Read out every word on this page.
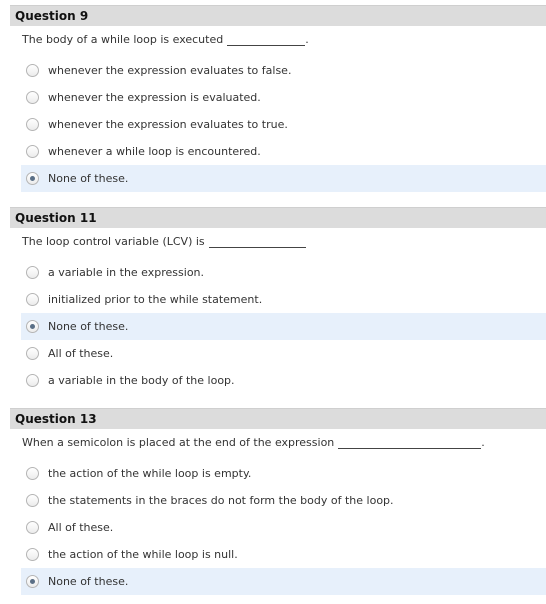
Question 9
The body of a while loop is executed	.
whenever the expression evaluates to false.
whenever the expression is evaluated.
whenever the expression evaluates to true.
whenever a while loop is encountered.
None of these.
Question 11
The loop control variable (LCV) is
a variable in the expression.
initialized prior to the while statement.
None of these.
All of these.
a variable in the body of the loop.
Question 13
When a semicolon is placed at the end of the expression	.
the action of the while loop is empty.
the statements in the braces do not form the body of the loop.
All of these.
the action of the while loop is null.
None of these.
